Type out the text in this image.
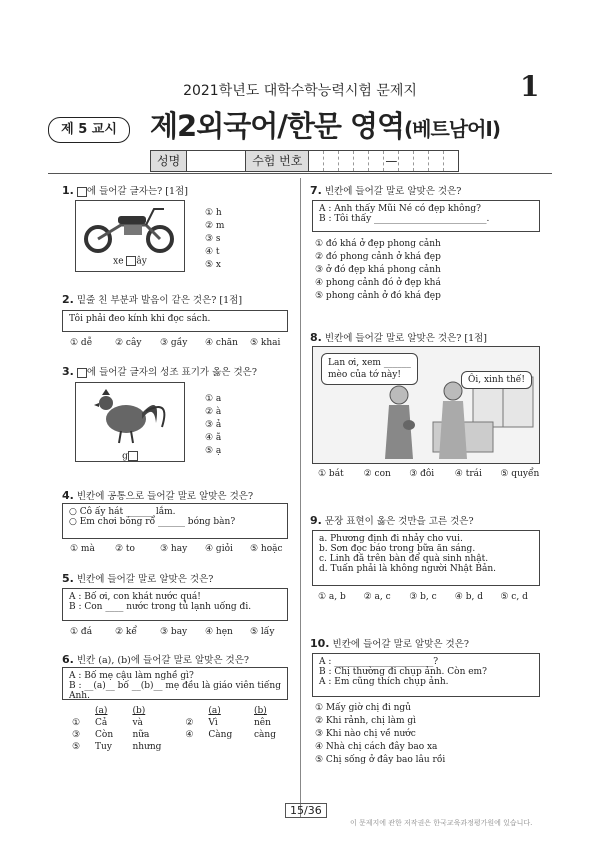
2021학년도 대학수학능력시험 문제지	1
제 5 교시	제2외국어/한문 영역(베트남어Ⅰ)
성명	수험 번호	—
1. 에 들어갈 글자는? [1점]
xe ây
① h
② m
③ s
④ t
⑤ x
2. 밑줄 친 부분과 발음이 같은 것은? [1점]
Tôi phải đeo kính khi đọc sách.
① dễ	② cây	③ gầy	④ chăn	⑤ khai
3. 에 들어갈 글자의 성조 표기가 옳은 것은?
g
① a
② à
③ ả
④ ã
⑤ ạ
4. 빈칸에 공통으로 들어갈 말로 알맞은 것은?
○ Cô ấy hát ______ lắm.
○ Em chơi bóng rổ ______ bóng bàn?
① mà	② to	③ hay	④ giỏi	⑤ hoặc
5. 빈칸에 들어갈 말로 알맞은 것은?
A : Bố ơi, con khát nước quá!
B : Con ____ nước trong tủ lạnh uống đi.
① đá	② kể	③ bay	④ hẹn	⑤ lấy
6. 빈칸 (a), (b)에 들어갈 말로 알맞은 것은?
A : Bố mẹ cậu làm nghề gì?
B : __(a)__ bố __(b)__ mẹ đều là giáo viên tiếng Anh.
	(a)	(b)		(a)	(b)
①	Cả	và	②	Vì	nên
③	Còn	nữa	④	Càng	càng
⑤	Tuy	nhưng			
7. 빈칸에 들어갈 말로 알맞은 것은?
A : Anh thấy Mũi Né có đẹp không?
B : Tôi thấy _________________________.
① đó khá ở đẹp phong cảnh
② đó phong cảnh ở khá đẹp
③ ở đó đẹp khá phong cảnh
④ phong cảnh đó ở đẹp khá
⑤ phong cảnh ở đó khá đẹp
8. 빈칸에 들어갈 말로 알맞은 것은? [1점]
Lan ơi, xem ______
mèo của tớ này!	Ôi, xinh thế!
① bát	② con	③ đôi	④ trái	⑤ quyển
9. 문장 표현이 옳은 것만을 고른 것은?
a. Phương định đi nhảy cho vui.
b. Sơn đọc báo trong bữa ăn sáng.
c. Linh đã trên bàn để quà sinh nhật.
d. Tuấn phải là không người Nhật Bản.
① a, b	② a, c	③ b, c	④ b, d	⑤ c, d
10. 빈칸에 들어갈 말로 알맞은 것은?
A : ______________________?
B : Chị thường đi chụp ảnh. Còn em?
A : Em cũng thích chụp ảnh.
① Mấy giờ chị đi ngủ
② Khi rảnh, chị làm gì
③ Khi nào chị về nước
④ Nhà chị cách đây bao xa
⑤ Chị sống ở đây bao lâu rồi
15/36
이 문제지에 관한 저작권은 한국교육과정평가원에 있습니다.
